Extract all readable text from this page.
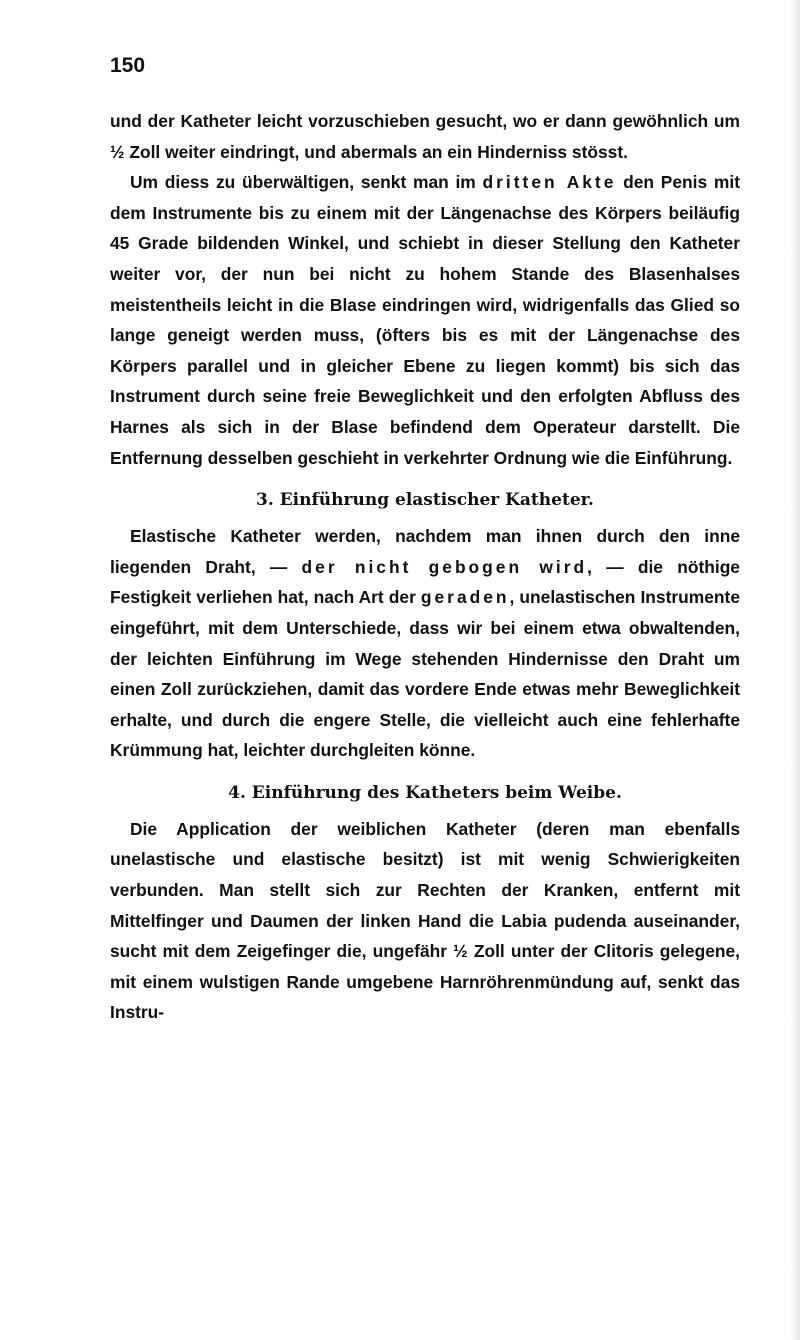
150

und der Katheter leicht vorzuschieben gesucht, wo er dann gewöhnlich um ½ Zoll weiter eindringt, und abermals an ein Hinderniss stösst.

Um diess zu überwältigen, senkt man im dritten Akte den Penis mit dem Instrumente bis zu einem mit der Längenachse des Körpers beiläufig 45 Grade bildenden Winkel, und schiebt in dieser Stellung den Katheter weiter vor, der nun bei nicht zu hohem Stande des Blasenhalses meistentheils leicht in die Blase eindringen wird, widrigenfalls das Glied so lange geneigt werden muss, (öfters bis es mit der Längenachse des Körpers parallel und in gleicher Ebene zu liegen kommt) bis sich das Instrument durch seine freie Beweglichkeit und den erfolgten Abfluss des Harnes als sich in der Blase befindend dem Operateur darstellt. Die Entfernung desselben geschieht in verkehrter Ordnung wie die Einführung.

3. Einführung elastischer Katheter.

Elastische Katheter werden, nachdem man ihnen durch den inne liegenden Draht, — der nicht gebogen wird, — die nöthige Festigkeit verliehen hat, nach Art der geraden, unelastischen Instrumente eingeführt, mit dem Unterschiede, dass wir bei einem etwa obwaltenden, der leichten Einführung im Wege stehenden Hindernisse den Draht um einen Zoll zurückziehen, damit das vordere Ende etwas mehr Beweglichkeit erhalte, und durch die engere Stelle, die vielleicht auch eine fehlerhafte Krümmung hat, leichter durchgleiten könne.

4. Einführung des Katheters beim Weibe.

Die Application der weiblichen Katheter (deren man ebenfalls unelastische und elastische besitzt) ist mit wenig Schwierigkeiten verbunden. Man stellt sich zur Rechten der Kranken, entfernt mit Mittelfinger und Daumen der linken Hand die Labia pudenda auseinander, sucht mit dem Zeigefinger die, ungefähr ½ Zoll unter der Clitoris gelegene, mit einem wulstigen Rande umgebene Harnröhrenmündung auf, senkt das Instru-
